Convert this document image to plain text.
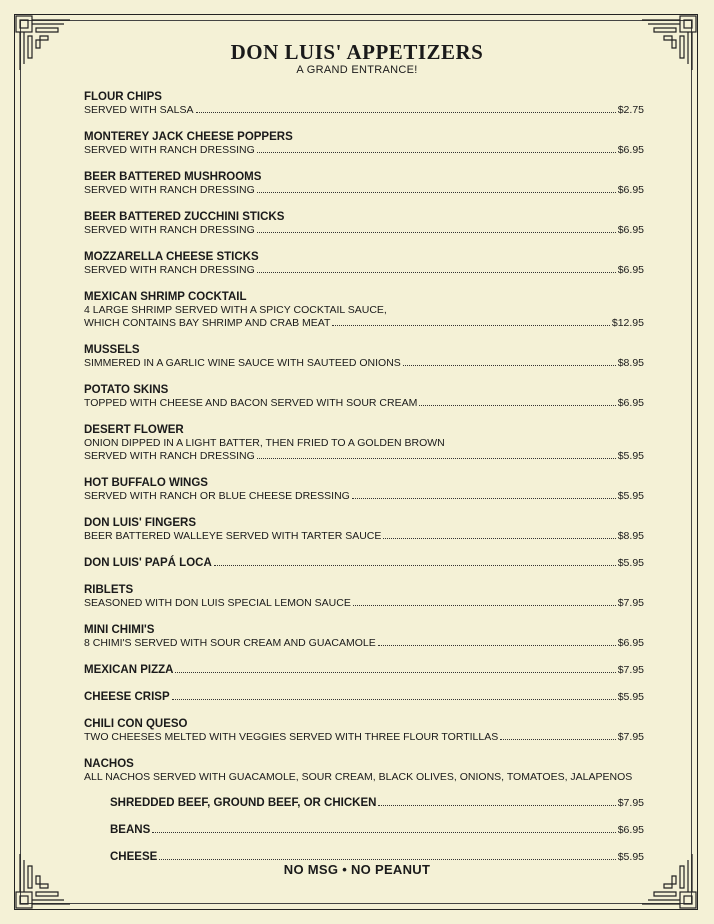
DON LUIS' APPETIZERS
A GRAND ENTRANCE!
FLOUR CHIPS
SERVED WITH SALSA	$2.75
MONTEREY JACK CHEESE POPPERS
SERVED WITH RANCH DRESSING	$6.95
BEER BATTERED MUSHROOMS
SERVED WITH RANCH DRESSING	$6.95
BEER BATTERED ZUCCHINI STICKS
SERVED WITH RANCH DRESSING	$6.95
MOZZARELLA CHEESE STICKS
SERVED WITH RANCH DRESSING	$6.95
MEXICAN SHRIMP COCKTAIL
4 LARGE SHRIMP SERVED WITH A SPICY COCKTAIL SAUCE,
WHICH CONTAINS BAY SHRIMP AND CRAB MEAT	$12.95
MUSSELS
SIMMERED IN A GARLIC WINE SAUCE WITH SAUTEED ONIONS	$8.95
POTATO SKINS
TOPPED WITH CHEESE AND BACON SERVED WITH SOUR CREAM	$6.95
DESERT FLOWER
ONION DIPPED IN A LIGHT BATTER, THEN FRIED TO A GOLDEN BROWN
SERVED WITH RANCH DRESSING	$5.95
HOT BUFFALO WINGS
SERVED WITH RANCH OR BLUE CHEESE DRESSING	$5.95
DON LUIS' FINGERS
BEER BATTERED WALLEYE SERVED WITH TARTER SAUCE	$8.95
DON LUIS' PAPÁ LOCA	$5.95
RIBLETS
SEASONED WITH DON LUIS SPECIAL LEMON SAUCE	$7.95
MINI CHIMI'S
8 CHIMI'S SERVED WITH SOUR CREAM AND GUACAMOLE	$6.95
MEXICAN PIZZA	$7.95
CHEESE CRISP	$5.95
CHILI CON QUESO
TWO CHEESES MELTED WITH VEGGIES SERVED WITH THREE FLOUR TORTILLAS	$7.95
NACHOS
ALL NACHOS SERVED WITH GUACAMOLE, SOUR CREAM, BLACK OLIVES, ONIONS, TOMATOES, JALAPENOS
SHREDDED BEEF, GROUND BEEF, OR CHICKEN	$7.95
BEANS	$6.95
CHEESE	$5.95
NO MSG • NO PEANUT
